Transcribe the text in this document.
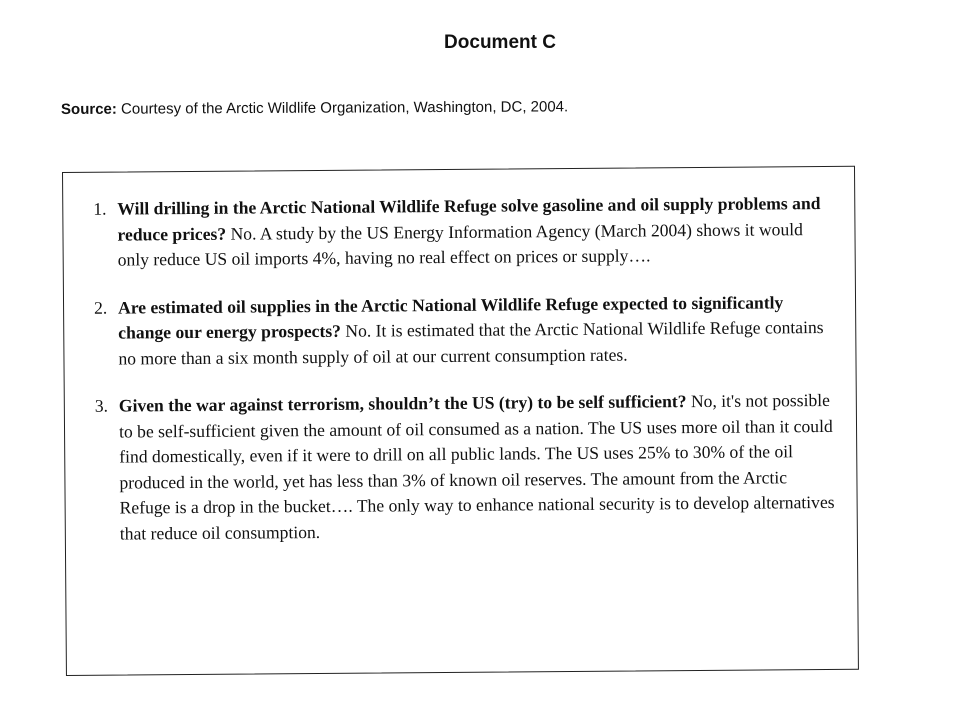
Document C
Source: Courtesy of the Arctic Wildlife Organization, Washington, DC, 2004.
1. Will drilling in the Arctic National Wildlife Refuge solve gasoline and oil supply problems and reduce prices? No. A study by the US Energy Information Agency (March 2004) shows it would only reduce US oil imports 4%, having no real effect on prices or supply….
2. Are estimated oil supplies in the Arctic National Wildlife Refuge expected to significantly change our energy prospects? No. It is estimated that the Arctic National Wildlife Refuge contains no more than a six month supply of oil at our current consumption rates.
3. Given the war against terrorism, shouldn’t the US (try) to be self sufficient? No, it's not possible to be self-sufficient given the amount of oil consumed as a nation. The US uses more oil than it could find domestically, even if it were to drill on all public lands. The US uses 25% to 30% of the oil produced in the world, yet has less than 3% of known oil reserves. The amount from the Arctic Refuge is a drop in the bucket…. The only way to enhance national security is to develop alternatives that reduce oil consumption.
